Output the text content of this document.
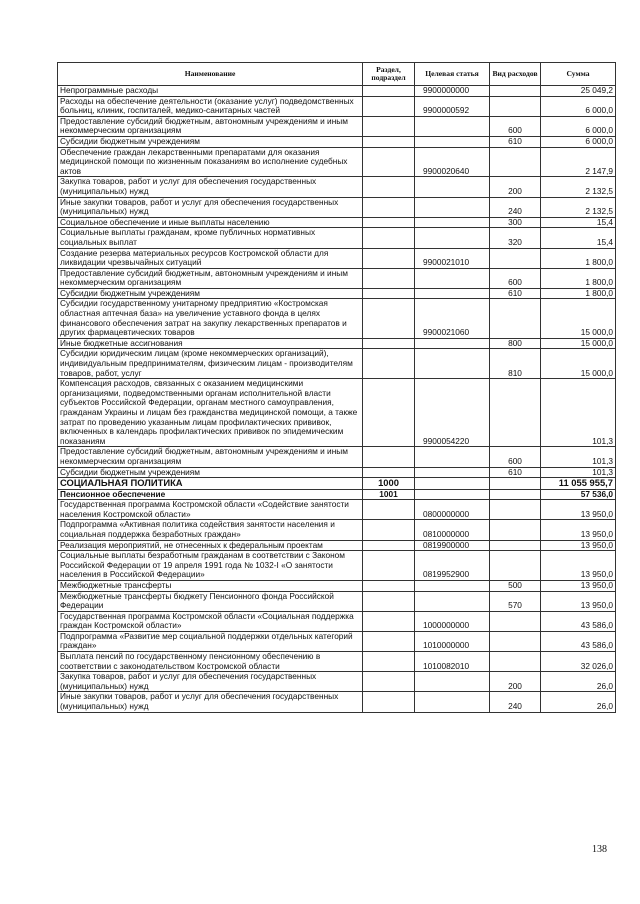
Наименование	Раздел, подраздел	Целевая статья	Вид расходов	Сумма
Непрограммные расходы		9900000000		25 049,2
Расходы на обеспечение деятельности (оказание услуг) подведомственных больниц, клиник, госпиталей, медико-санитарных частей		9900000592		6 000,0
Предоставление субсидий бюджетным, автономным учреждениям и иным некоммерческим организациям			600	6 000,0
Субсидии бюджетным учреждениям			610	6 000,0
Обеспечение граждан лекарственными препаратами для оказания медицинской помощи по жизненным показаниям во исполнение судебных актов		9900020640		2 147,9
Закупка товаров, работ и услуг для обеспечения государственных (муниципальных) нужд			200	2 132,5
Иные закупки товаров, работ и услуг для обеспечения государственных (муниципальных) нужд			240	2 132,5
Социальное обеспечение и иные выплаты населению			300	15,4
Социальные выплаты гражданам, кроме публичных нормативных социальных выплат			320	15,4
Создание резерва материальных ресурсов Костромской области для ликвидации чрезвычайных ситуаций		9900021010		1 800,0
Предоставление субсидий бюджетным, автономным учреждениям и иным некоммерческим организациям			600	1 800,0
Субсидии бюджетным учреждениям			610	1 800,0
Субсидии государственному унитарному предприятию «Костромская областная аптечная база» на увеличение уставного фонда в целях финансового обеспечения затрат на закупку лекарственных препаратов и других фармацевтических товаров		9900021060		15 000,0
Иные бюджетные ассигнования			800	15 000,0
Субсидии юридическим лицам (кроме некоммерческих организаций), индивидуальным предпринимателям, физическим лицам - производителям товаров, работ, услуг			810	15 000,0
Компенсация расходов, связанных с оказанием медицинскими организациями, подведомственными органам исполнительной власти субъектов Российской Федерации, органам местного самоуправления, гражданам Украины и лицам без гражданства медицинской помощи, а также затрат по проведению указанным лицам профилактических прививок, включенных в календарь профилактических прививок по эпидемическим показаниям		9900054220		101,3
Предоставление субсидий бюджетным, автономным учреждениям и иным некоммерческим организациям			600	101,3
Субсидии бюджетным учреждениям			610	101,3
СОЦИАЛЬНАЯ ПОЛИТИКА	1000			11 055 955,7
Пенсионное обеспечение	1001			57 536,0
Государственная программа Костромской области «Содействие занятости населения Костромской области»		0800000000		13 950,0
Подпрограмма «Активная политика содействия занятости населения и социальная поддержка безработных граждан»		0810000000		13 950,0
Реализация мероприятий, не отнесенных к федеральным проектам		0819900000		13 950,0
Социальные выплаты безработным гражданам в соответствии с Законом Российской Федерации от 19 апреля 1991 года № 1032-I «О занятости населения в Российской Федерации»		0819952900		13 950,0
Межбюджетные трансферты			500	13 950,0
Межбюджетные трансферты бюджету Пенсионного фонда Российской Федерации			570	13 950,0
Государственная программа Костромской области «Социальная поддержка граждан Костромской области»		1000000000		43 586,0
Подпрограмма «Развитие мер социальной поддержки отдельных категорий граждан»		1010000000		43 586,0
Выплата пенсий по государственному пенсионному обеспечению в соответствии с законодательством Костромской области		1010082010		32 026,0
Закупка товаров, работ и услуг для обеспечения государственных (муниципальных) нужд			200	26,0
Иные закупки товаров, работ и услуг для обеспечения государственных (муниципальных) нужд			240	26,0
138
